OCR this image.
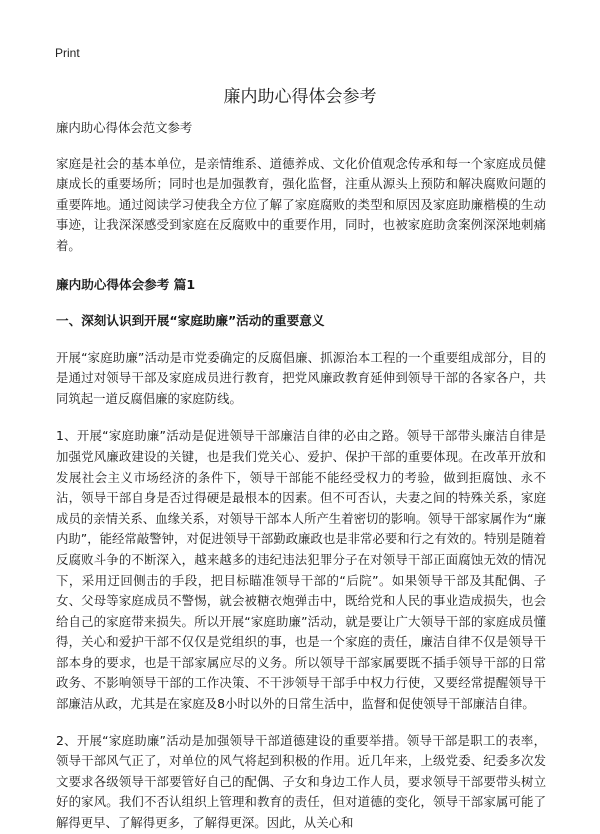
Print
廉内助心得体会参考

廉内助心得体会范文参考

家庭是社会的基本单位，是亲情维系、道德养成、文化价值观念传承和每一个家庭成员健康成长的重要场所；同时也是加强教育，强化监督，注重从源头上预防和解决腐败问题的重要阵地。通过阅读学习使我全方位了解了家庭腐败的类型和原因及家庭助廉楷模的生动事迹，让我深深感受到家庭在反腐败中的重要作用，同时，也被家庭助贪案例深深地刺痛着。

廉内助心得体会参考 篇1
一、深刻认识到开展“家庭助廉”活动的重要意义

开展“家庭助廉”活动是市党委确定的反腐倡廉、抓源治本工程的一个重要组成部分，目的是通过对领导干部及家庭成员进行教育，把党风廉政教育延伸到领导干部的各家各户，共同筑起一道反腐倡廉的家庭防线。

1、开展“家庭助廉”活动是促进领导干部廉洁自律的必由之路。领导干部带头廉洁自律是加强党风廉政建设的关键，也是我们党关心、爱护、保护干部的重要体现。在改革开放和发展社会主义市场经济的条件下，领导干部能不能经受权力的考验，做到拒腐蚀、永不沾，领导干部自身是否过得硬是最根本的因素。但不可否认，夫妻之间的特殊关系，家庭成员的亲情关系、血缘关系，对领导干部本人所产生着密切的影响。领导干部家属作为“廉内助”，能经常敲警钟，对促进领导干部勤政廉政也是非常必要和行之有效的。特别是随着反腐败斗争的不断深入，越来越多的违纪违法犯罪分子在对领导干部正面腐蚀无效的情况下，采用迂回侧击的手段，把目标瞄准领导干部的“后院”。如果领导干部及其配偶、子女、父母等家庭成员不警惕，就会被糖衣炮弹击中，既给党和人民的事业造成损失，也会给自己的家庭带来损失。所以开展“家庭助廉”活动，就是要让广大领导干部的家庭成员懂得，关心和爱护干部不仅仅是党组织的事，也是一个家庭的责任，廉洁自律不仅是领导干部本身的要求，也是干部家属应尽的义务。所以领导干部家属要既不插手领导干部的日常政务、不影响领导干部的工作决策、不干涉领导干部手中权力行使，又要经常提醒领导干部廉洁从政，尤其是在家庭及8小时以外的日常生活中，监督和促使领导干部廉洁自律。

2、开展“家庭助廉”活动是加强领导干部道德建设的重要举措。领导干部是职工的表率，领导干部风气正了，对单位的风气将起到积极的作用。近几年来，上级党委、纪委多次发文要求各级领导干部要管好自己的配偶、子女和身边工作人员，要求领导干部要带头树立好的家风。我们不否认组织上管理和教育的责任，但对道德的变化，领导干部家属可能了解得更早、了解得更多，了解得更深。因此，从关心和
